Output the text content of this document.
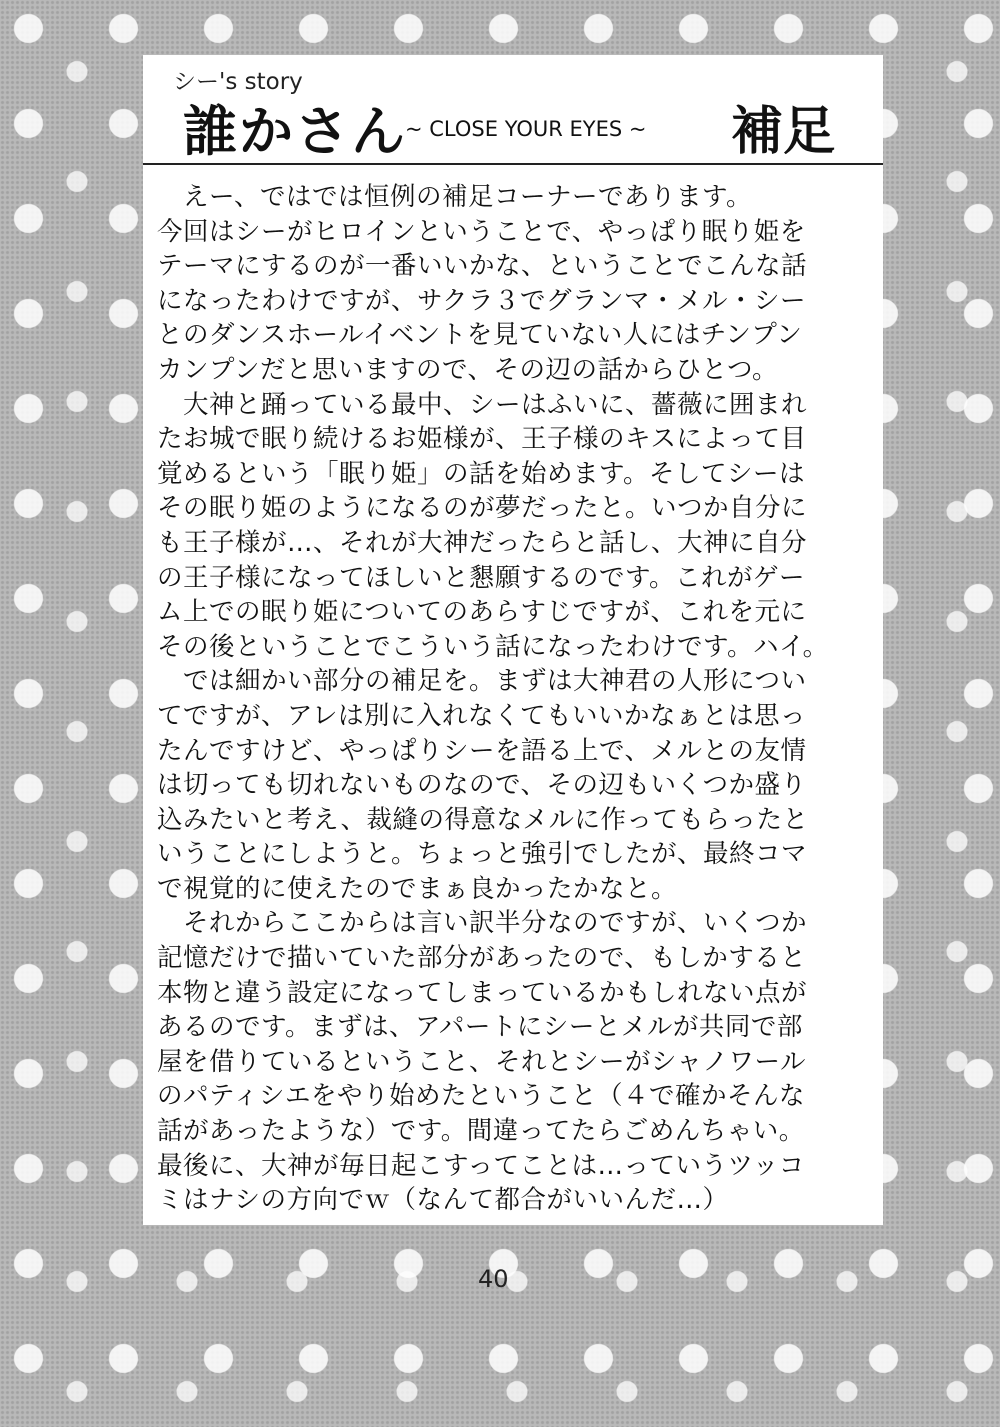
シー's story
誰かさん
~ CLOSE YOUR EYES ~ 補足

　えー、ではでは恒例の補足コーナーであります。

今回はシーがヒロインということで、やっぱり眠り姫を

テーマにするのが一番いいかな、ということでこんな話

になったわけですが、サクラ３でグランマ・メル・シー

とのダンスホールイベントを見ていない人にはチンプン

カンプンだと思いますので、その辺の話からひとつ。

　大神と踊っている最中、シーはふいに、薔薇に囲まれ

たお城で眠り続けるお姫様が、王子様のキスによって目

覚めるという「眠り姫」の話を始めます。そしてシーは

その眠り姫のようになるのが夢だったと。いつか自分に

も王子様が…、それが大神だったらと話し、大神に自分

の王子様になってほしいと懇願するのです。これがゲー

ム上での眠り姫についてのあらすじですが、これを元に

その後ということでこういう話になったわけです。ハイ。

　では細かい部分の補足を。まずは大神君の人形につい

てですが、アレは別に入れなくてもいいかなぁとは思っ

たんですけど、やっぱりシーを語る上で、メルとの友情

は切っても切れないものなので、その辺もいくつか盛り

込みたいと考え、裁縫の得意なメルに作ってもらったと

いうことにしようと。ちょっと強引でしたが、最終コマ

で視覚的に使えたのでまぁ良かったかなと。

　それからここからは言い訳半分なのですが、いくつか

記憶だけで描いていた部分があったので、もしかすると

本物と違う設定になってしまっているかもしれない点が

あるのです。まずは、アパートにシーとメルが共同で部

屋を借りているということ、それとシーがシャノワール

のパティシエをやり始めたということ（４で確かそんな

話があったような）です。間違ってたらごめんちゃい。

最後に、大神が毎日起こすってことは…っていうツッコ

ミはナシの方向でｗ（なんて都合がいいんだ…）

40
